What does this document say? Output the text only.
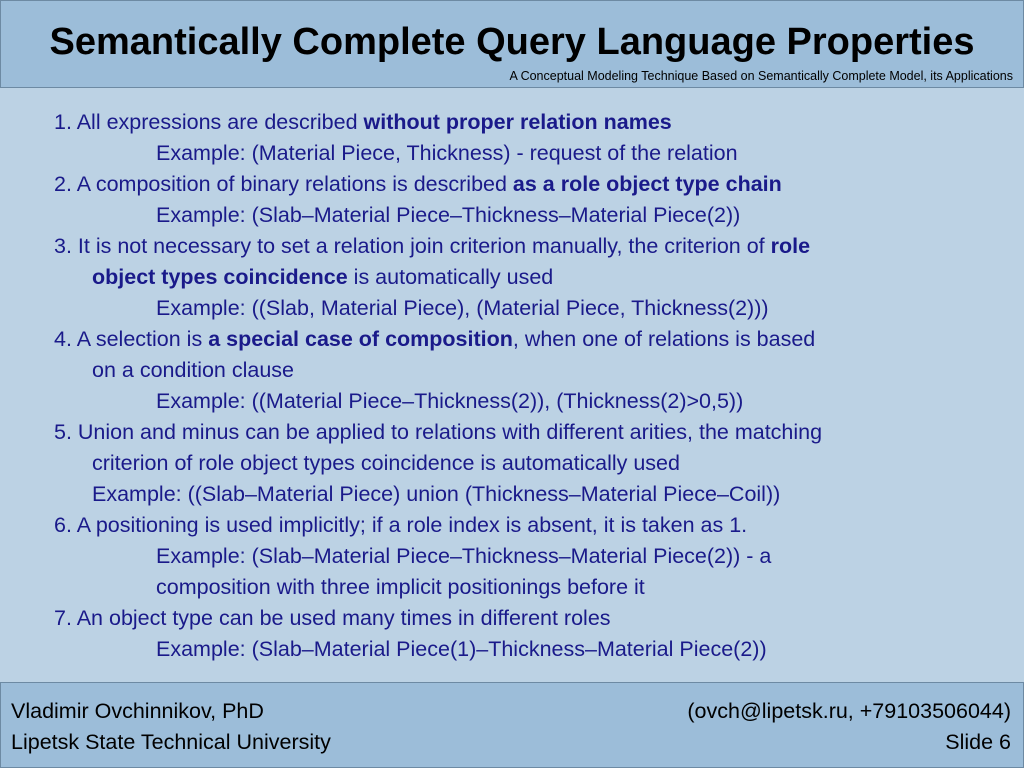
Semantically Complete Query Language Properties
A Conceptual Modeling Technique Based on Semantically Complete Model, its Applications
1. All expressions are described without proper relation names
Example: (Material Piece, Thickness) - request of the relation
2. A composition of binary relations is described as a role object type chain
Example: (Slab–Material Piece–Thickness–Material Piece(2))
3. It is not necessary to set a relation join criterion manually, the criterion of role
object types coincidence is automatically used
Example: ((Slab, Material Piece), (Material Piece, Thickness(2)))
4. A selection is a special case of composition, when one of relations is based
on a condition clause
Example: ((Material Piece–Thickness(2)), (Thickness(2)>0,5))
5. Union and minus can be applied to relations with different arities, the matching
criterion of role object types coincidence is automatically used
Example: ((Slab–Material Piece) union (Thickness–Material Piece–Coil))
6. A positioning is used implicitly; if a role index is absent, it is taken as 1.
Example: (Slab–Material Piece–Thickness–Material Piece(2)) - a
composition with three implicit positionings before it
7. An object type can be used many times in different roles
Example: (Slab–Material Piece(1)–Thickness–Material Piece(2))
Vladimir Ovchinnikov, PhD	(ovch@lipetsk.ru, +79103506044)
Lipetsk State Technical University	Slide 6
